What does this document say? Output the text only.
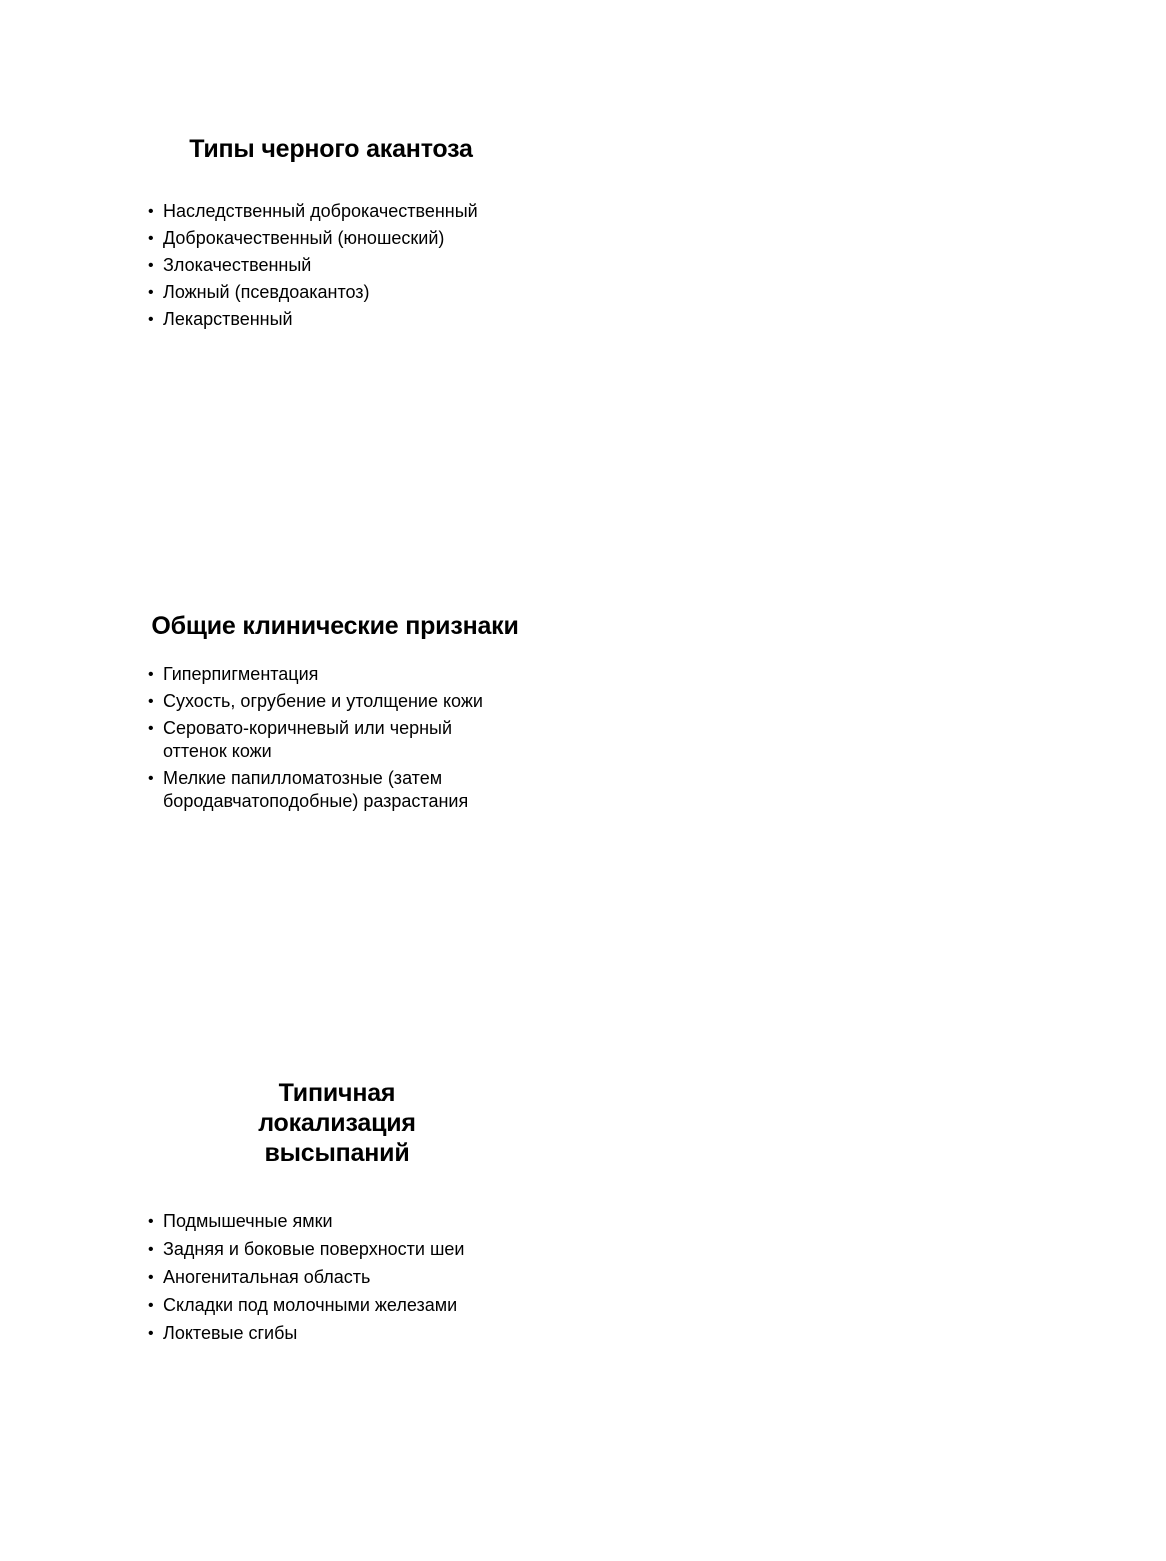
Типы черного акантоза
• Наследственный доброкачественный
• Доброкачественный (юношеский)
• Злокачественный
• Ложный (псевдоакантоз)
• Лекарственный
Общие клинические признаки
• Гиперпигментация
• Сухость, огрубение и утолщение кожи
• Серовато-коричневый или черный оттенок кожи
• Мелкие папилломатозные (затем бородавчатоподобные) разрастания
Типичная локализация высыпаний
• Подмышечные ямки
• Задняя и боковые поверхности шеи
• Аногенитальная область
• Складки под молочными железами
• Локтевые сгибы
